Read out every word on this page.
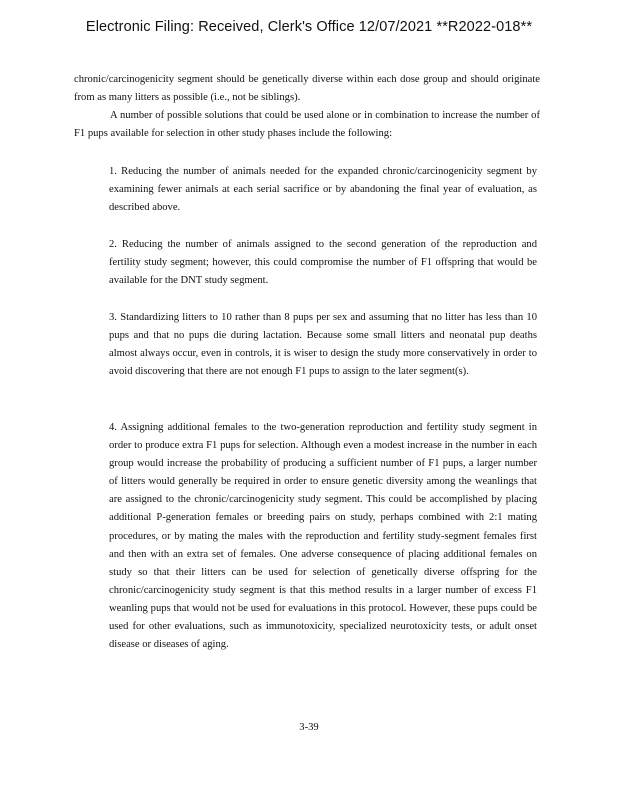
Electronic Filing: Received, Clerk's Office 12/07/2021 **R2022-018**

chronic/carcinogenicity segment should be genetically diverse within each dose group and should originate from as many litters as possible (i.e., not be siblings).

A number of possible solutions that could be used alone or in combination to increase the number of F1 pups available for selection in other study phases include the following:

1. Reducing the number of animals needed for the expanded chronic/carcinogenicity segment by examining fewer animals at each serial sacrifice or by abandoning the final year of evaluation, as described above.

2. Reducing the number of animals assigned to the second generation of the reproduction and fertility study segment; however, this could compromise the number of F1 offspring that would be available for the DNT study segment.

3. Standardizing litters to 10 rather than 8 pups per sex and assuming that no litter has less than 10 pups and that no pups die during lactation. Because some small litters and neonatal pup deaths almost always occur, even in controls, it is wiser to design the study more conservatively in order to avoid discovering that there are not enough F1 pups to assign to the later segment(s).

4. Assigning additional females to the two-generation reproduction and fertility study segment in order to produce extra F1 pups for selection. Although even a modest increase in the number in each group would increase the probability of producing a sufficient number of F1 pups, a larger number of litters would generally be required in order to ensure genetic diversity among the weanlings that are assigned to the chronic/carcinogenicity study segment. This could be accomplished by placing additional P-generation females or breeding pairs on study, perhaps combined with 2:1 mating procedures, or by mating the males with the reproduction and fertility study-segment females first and then with an extra set of females. One adverse consequence of placing additional females on study so that their litters can be used for selection of genetically diverse offspring for the chronic/carcinogenicity study segment is that this method results in a larger number of excess F1 weanling pups that would not be used for evaluations in this protocol. However, these pups could be used for other evaluations, such as immunotoxicity, specialized neurotoxicity tests, or adult onset disease or diseases of aging.

3-39
